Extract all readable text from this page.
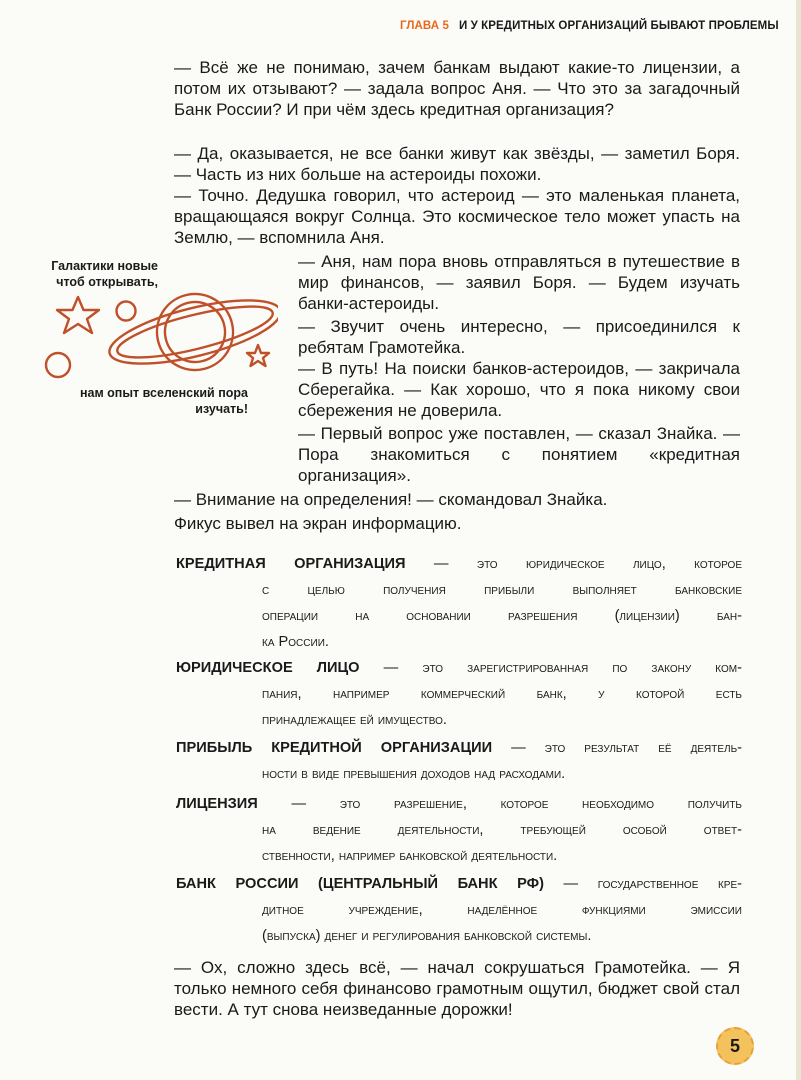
ГЛАВА 5 И У КРЕДИТНЫХ ОРГАНИЗАЦИЙ БЫВАЮТ ПРОБЛЕМЫ

— Всё же не понимаю, зачем банкам выдают какие-то лицензии, а потом их отзывают? — задала вопрос Аня. — Что это за загадочный Банк России? И при чём здесь кредитная организация?

— Да, оказывается, не все банки живут как звёзды, — заметил Боря. — Часть из них больше на астероиды похожи.

— Точно. Дедушка говорил, что астероид — это маленькая планета, вращающаяся вокруг Солнца. Это космическое тело может упасть на Землю, — вспомнила Аня.

— Аня, нам пора вновь отправляться в путешествие в мир финансов, — заявил Боря. — Будем изучать банки-астероиды.

— Звучит очень интересно, — присоединился к ребятам Грамотейка.

— В путь! На поиски банков-астероидов, — закричала Сберегайка. — Как хорошо, что я пока никому свои сбережения не доверила.

— Первый вопрос уже поставлен, — сказал Знайка. — Пора знакомиться с понятием «кредитная организация».

— Внимание на определения! — скомандовал Знайка.

Фикус вывел на экран информацию.

Галактики новые чтоб открывать,
нам опыт вселенский пора изучать!
КРЕДИТНАЯ ОРГАНИЗАЦИЯ — это юридическое лицо, которое
с целью получения прибыли выполняет банковские
операции на основании разрешения (лицензии) бан-
ка России.
ЮРИДИЧЕСКОЕ ЛИЦО — это зарегистрированная по закону ком-
пания, например коммерческий банк, у которой есть
принадлежащее ей имущество.
ПРИБЫЛЬ КРЕДИТНОЙ ОРГАНИЗАЦИИ — это результат её деятель-
ности в виде превышения доходов над расходами.
ЛИЦЕНЗИЯ — это разрешение, которое необходимо получить
на ведение деятельности, требующей особой ответ-
ственности, например банковской деятельности.
БАНК РОССИИ (ЦЕНТРАЛЬНЫЙ БАНК РФ) — государственное кре-
дитное учреждение, наделённое функциями эмиссии
(выпуска) денег и регулирования банковской системы.

— Ох, сложно здесь всё, — начал сокрушаться Грамотейка. — Я только немного себя финансово грамотным ощутил, бюджет свой стал вести. А тут снова неизведанные дорожки!

5
